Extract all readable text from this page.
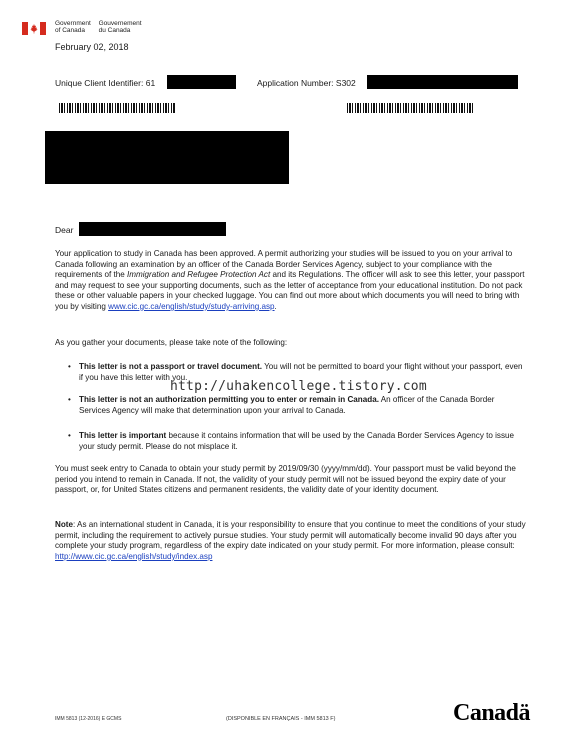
Government
of Canada Gouvernement
du Canada
February 02, 2018
Unique Client Identifier: 61	Application Number: S302
Dear
Your application to study in Canada has been approved. A permit authorizing your studies will be issued to you on your arrival to Canada following an examination by an officer of the Canada Border Services Agency, subject to your compliance with the requirements of the Immigration and Refugee Protection Act and its Regulations. The officer will ask to see this letter, your passport and may request to see your supporting documents, such as the letter of acceptance from your educational institution. Do not pack these or other valuable papers in your checked luggage. You can find out more about which documents you will need to bring with you by visiting www.cic.gc.ca/english/study/study-arriving.asp.
As you gather your documents, please take note of the following:
• This letter is not a passport or travel document. You will not be permitted to board your flight without your passport, even if you have this letter with you.
• This letter is not an authorization permitting you to enter or remain in Canada. An officer of the Canada Border Services Agency will make that determination upon your arrival to Canada.
• This letter is important because it contains information that will be used by the Canada Border Services Agency to issue your study permit. Please do not misplace it.
http://uhakencollege.tistory.com
You must seek entry to Canada to obtain your study permit by 2019/09/30 (yyyy/mm/dd). Your passport must be valid beyond the period you intend to remain in Canada. If not, the validity of your study permit will not be issued beyond the expiry date of your passport, or, for United States citizens and permanent residents, the validity date of your identity document.
Note: As an international student in Canada, it is your responsibility to ensure that you continue to meet the conditions of your study permit, including the requirement to actively pursue studies. Your study permit will automatically become invalid 90 days after you complete your study program, regardless of the expiry date indicated on your study permit. For more information, please consult:
http://www.cic.gc.ca/english/study/index.asp
IMM 5813 (12-2016) E GCMS	(DISPONIBLE EN FRANÇAIS - IMM 5813 F)	Canadä
